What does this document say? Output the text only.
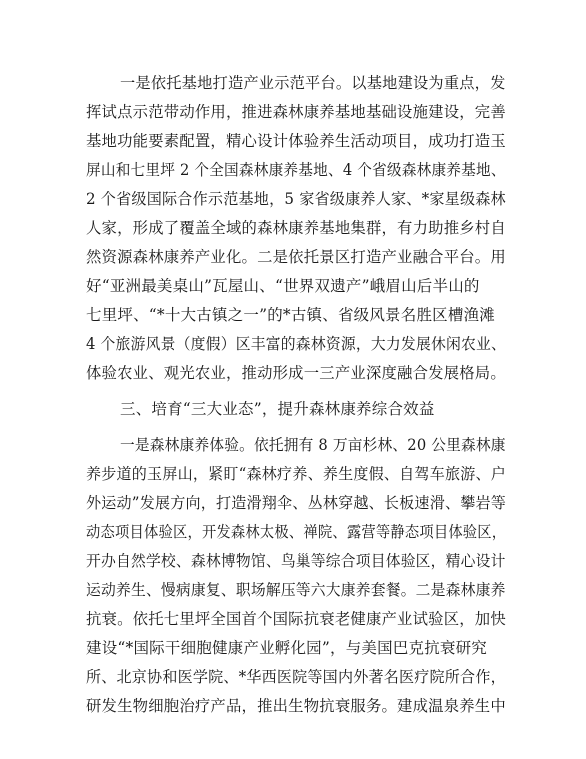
一是依托基地打造产业示范平台。以基地建设为重点，发
挥试点示范带动作用，推进森林康养基地基础设施建设，完善
基地功能要素配置，精心设计体验养生活动项目，成功打造玉
屏山和七里坪 2 个全国森林康养基地、4 个省级森林康养基地、
2 个省级国际合作示范基地，5 家省级康养人家、*家星级森林
人家，形成了覆盖全域的森林康养基地集群，有力助推乡村自
然资源森林康养产业化。二是依托景区打造产业融合平台。用
好“亚洲最美桌山”瓦屋山、“世界双遗产”峨眉山后半山的
七里坪、“*十大古镇之一”的*古镇、省级风景名胜区槽渔滩
4 个旅游风景（度假）区丰富的森林资源，大力发展休闲农业、
体验农业、观光农业，推动形成一三产业深度融合发展格局。
三、培育“三大业态”，提升森林康养综合效益
一是森林康养体验。依托拥有 8 万亩杉林、20 公里森林康
养步道的玉屏山，紧盯“森林疗养、养生度假、自驾车旅游、户
外运动”发展方向，打造滑翔伞、丛林穿越、长板速滑、攀岩等
动态项目体验区，开发森林太极、禅院、露营等静态项目体验区，
开办自然学校、森林博物馆、鸟巢等综合项目体验区，精心设计
运动养生、慢病康复、职场解压等六大康养套餐。二是森林康养
抗衰。依托七里坪全国首个国际抗衰老健康产业试验区，加快
建设“*国际干细胞健康产业孵化园”，与美国巴克抗衰研究
所、北京协和医学院、*华西医院等国内外著名医疗院所合作，
研发生物细胞治疗产品，推出生物抗衰服务。建成温泉养生中
